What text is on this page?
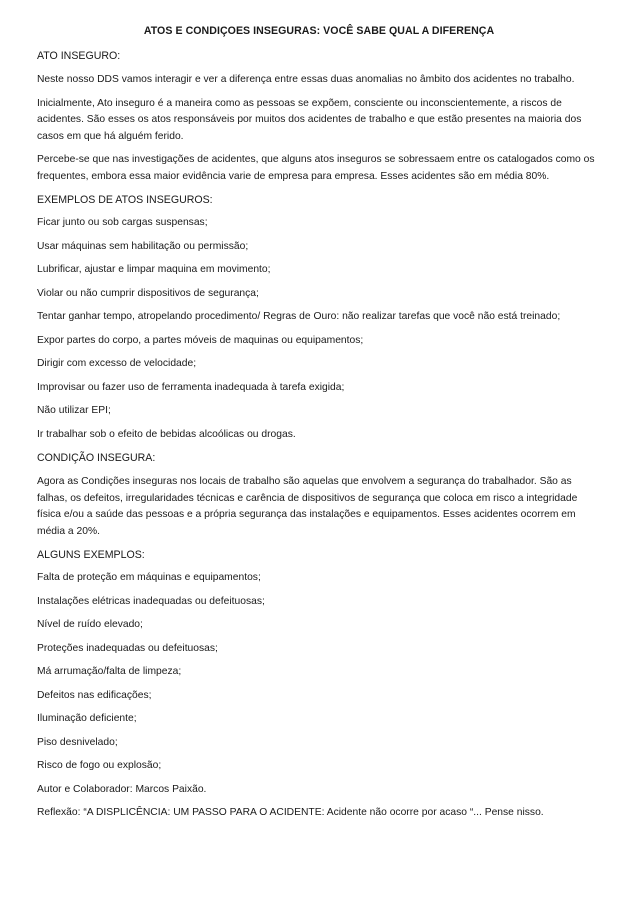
ATOS E CONDIÇOES INSEGURAS: VOCÊ SABE QUAL A DIFERENÇA
ATO INSEGURO:
Neste nosso DDS vamos interagir e ver a diferença entre essas duas anomalias no âmbito dos acidentes no trabalho.
Inicialmente, Ato inseguro é a maneira como as pessoas se expõem, consciente ou inconscientemente, a riscos de acidentes. São esses os atos responsáveis por muitos dos acidentes de trabalho e que estão presentes na maioria dos casos em que há alguém ferido.
Percebe-se que nas investigações de acidentes, que alguns atos inseguros se sobressaem entre os catalogados como os frequentes, embora essa maior evidência varie de empresa para empresa. Esses acidentes são em média 80%.
EXEMPLOS DE ATOS INSEGUROS:
Ficar junto ou sob cargas suspensas;
Usar máquinas sem habilitação ou permissão;
Lubrificar, ajustar e limpar maquina em movimento;
Violar ou não cumprir dispositivos de segurança;
Tentar ganhar tempo, atropelando procedimento/ Regras de Ouro: não realizar tarefas que você não está treinado;
Expor partes do corpo, a partes móveis de maquinas ou equipamentos;
Dirigir com excesso de velocidade;
Improvisar ou fazer uso de ferramenta inadequada à tarefa exigida;
Não utilizar EPI;
Ir trabalhar sob o efeito de bebidas alcoólicas ou drogas.
CONDIÇÃO INSEGURA:
Agora as Condições inseguras nos locais de trabalho são aquelas que envolvem a segurança do trabalhador. São as falhas, os defeitos, irregularidades técnicas e carência de dispositivos de segurança que coloca em risco a integridade física e/ou a saúde das pessoas e a própria segurança das instalações e equipamentos. Esses acidentes ocorrem em média a 20%.
ALGUNS EXEMPLOS:
Falta de proteção em máquinas e equipamentos;
Instalações elétricas inadequadas ou defeituosas;
Nível de ruído elevado;
Proteções inadequadas ou defeituosas;
Má arrumação/falta de limpeza;
Defeitos nas edificações;
Iluminação deficiente;
Piso desnivelado;
Risco de fogo ou explosão;
Autor e Colaborador: Marcos Paixão.
Reflexão: “A DISPLICÊNCIA: UM PASSO PARA O ACIDENTE: Acidente não ocorre por acaso “... Pense nisso.
